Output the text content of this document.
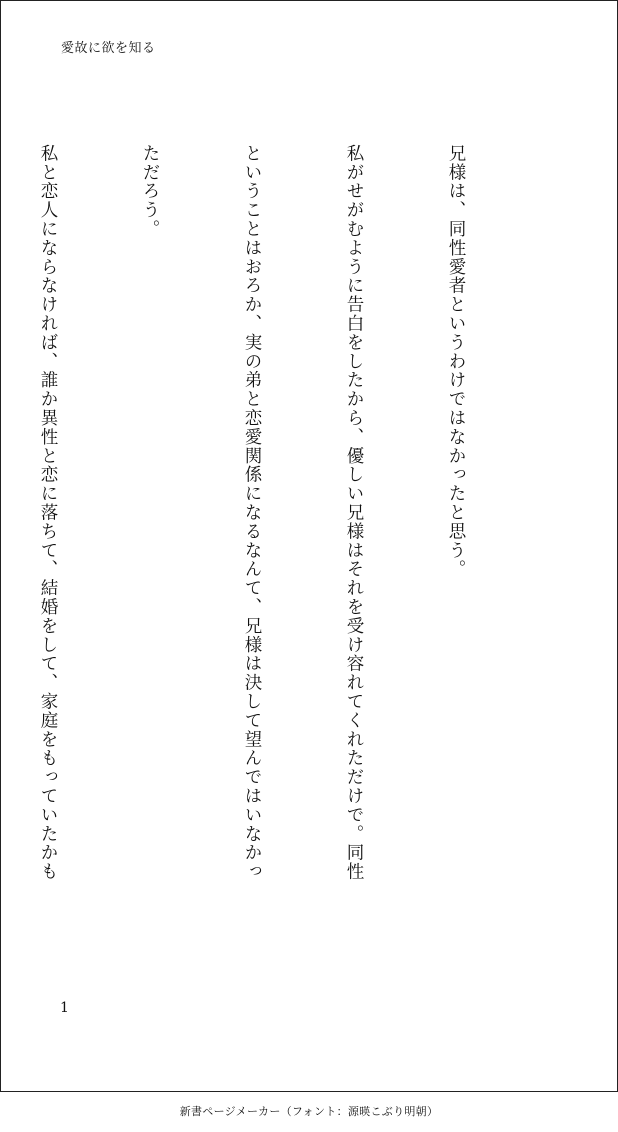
愛故に欲を知る

兄様は、同性愛者というわけではなかったと思う。

私がせがむように告白をしたから、優しい兄様はそれを受け容れてくれただけで。同性

ということはおろか、実の弟と恋愛関係になるなんて、兄様は決して望んではいなかっ

ただろう。

私と恋人にならなければ、誰か異性と恋に落ちて、結婚をして、家庭をもっていたかも

1
新書ページメーカー（フォント：源暎こぶり明朝）
